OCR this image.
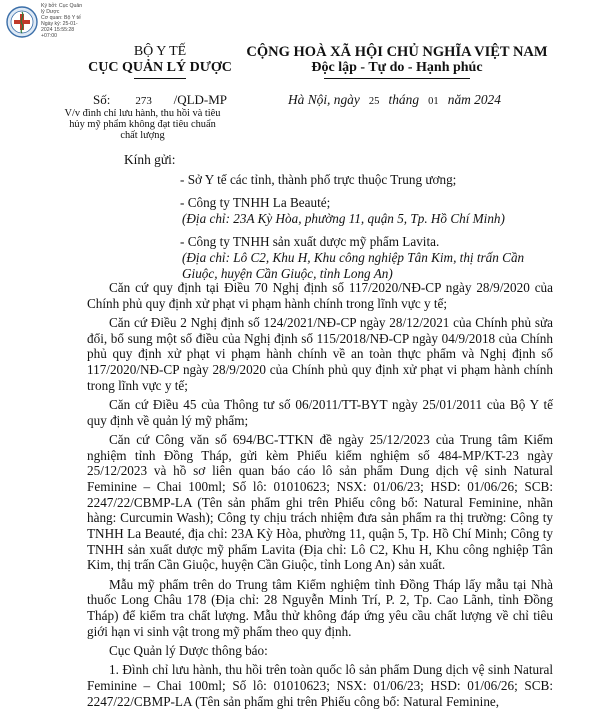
Ký bởi: Cục Quản
lý Dược
Cơ quan: Bộ Y tế
Ngày ký: 25-01-
2024 15:55:28
+07:00
BỘ Y TẾ
CỤC QUẢN LÝ DƯỢC
CỘNG HOÀ XÃ HỘI CHỦ NGHĨA VIỆT NAM
Độc lập - Tự do - Hạnh phúc
Số: 273 /QLD-MP
V/v đình chỉ lưu hành, thu hồi và tiêu hủy mỹ phẩm không đạt tiêu chuẩn chất lượng
Hà Nội, ngày 25 tháng 01 năm 2024
Kính gửi:

- Sở Y tế các tỉnh, thành phố trực thuộc Trung ương;

- Công ty TNHH La Beauté;

(Địa chỉ: 23A Kỳ Hòa, phường 11, quận 5, Tp. Hồ Chí Minh)

- Công ty TNHH sản xuất dược mỹ phẩm Lavita.

(Địa chỉ: Lô C2, Khu H, Khu công nghiệp Tân Kim, thị trấn Cần Giuộc, huyện Cần Giuộc, tỉnh Long An)

Căn cứ quy định tại Điều 70 Nghị định số 117/2020/NĐ-CP ngày 28/9/2020 của Chính phủ quy định xử phạt vi phạm hành chính trong lĩnh vực y tế;

Căn cứ Điều 2 Nghị định số 124/2021/NĐ-CP ngày 28/12/2021 của Chính phủ sửa đổi, bổ sung một số điều của Nghị định số 115/2018/NĐ-CP ngày 04/9/2018 của Chính phủ quy định xử phạt vi phạm hành chính về an toàn thực phẩm và Nghị định số 117/2020/NĐ-CP ngày 28/9/2020 của Chính phủ quy định xử phạt vi phạm hành chính trong lĩnh vực y tế;

Căn cứ Điều 45 của Thông tư số 06/2011/TT-BYT ngày 25/01/2011 của Bộ Y tế quy định về quản lý mỹ phẩm;

Căn cứ Công văn số 694/BC-TTKN đề ngày 25/12/2023 của Trung tâm Kiểm nghiệm tỉnh Đồng Tháp, gửi kèm Phiếu kiểm nghiệm số 484-MP/KT-23 ngày 25/12/2023 và hồ sơ liên quan báo cáo lô sản phẩm Dung dịch vệ sinh Natural Feminine – Chai 100ml; Số lô: 01010623; NSX: 01/06/23; HSD: 01/06/26; SCB: 2247/22/CBMP-LA (Tên sản phẩm ghi trên Phiếu công bố: Natural Feminine, nhãn hàng: Curcumin Wash); Công ty chịu trách nhiệm đưa sản phẩm ra thị trường: Công ty TNHH La Beauté, địa chỉ: 23A Kỳ Hòa, phường 11, quận 5, Tp. Hồ Chí Minh; Công ty TNHH sản xuất dược mỹ phẩm Lavita (Địa chỉ: Lô C2, Khu H, Khu công nghiệp Tân Kim, thị trấn Cần Giuộc, huyện Cần Giuộc, tỉnh Long An) sản xuất.

Mẫu mỹ phẩm trên do Trung tâm Kiểm nghiệm tỉnh Đồng Tháp lấy mẫu tại Nhà thuốc Long Châu 178 (Địa chỉ: 28 Nguyễn Minh Trí, P. 2, Tp. Cao Lãnh, tỉnh Đồng Tháp) để kiểm tra chất lượng. Mẫu thử không đáp ứng yêu cầu chất lượng về chỉ tiêu giới hạn vi sinh vật trong mỹ phẩm theo quy định.

Cục Quản lý Dược thông báo:

1. Đình chỉ lưu hành, thu hồi trên toàn quốc lô sản phẩm Dung dịch vệ sinh Natural Feminine – Chai 100ml; Số lô: 01010623; NSX: 01/06/23; HSD: 01/06/26; SCB: 2247/22/CBMP-LA (Tên sản phẩm ghi trên Phiếu công bố: Natural Feminine,
